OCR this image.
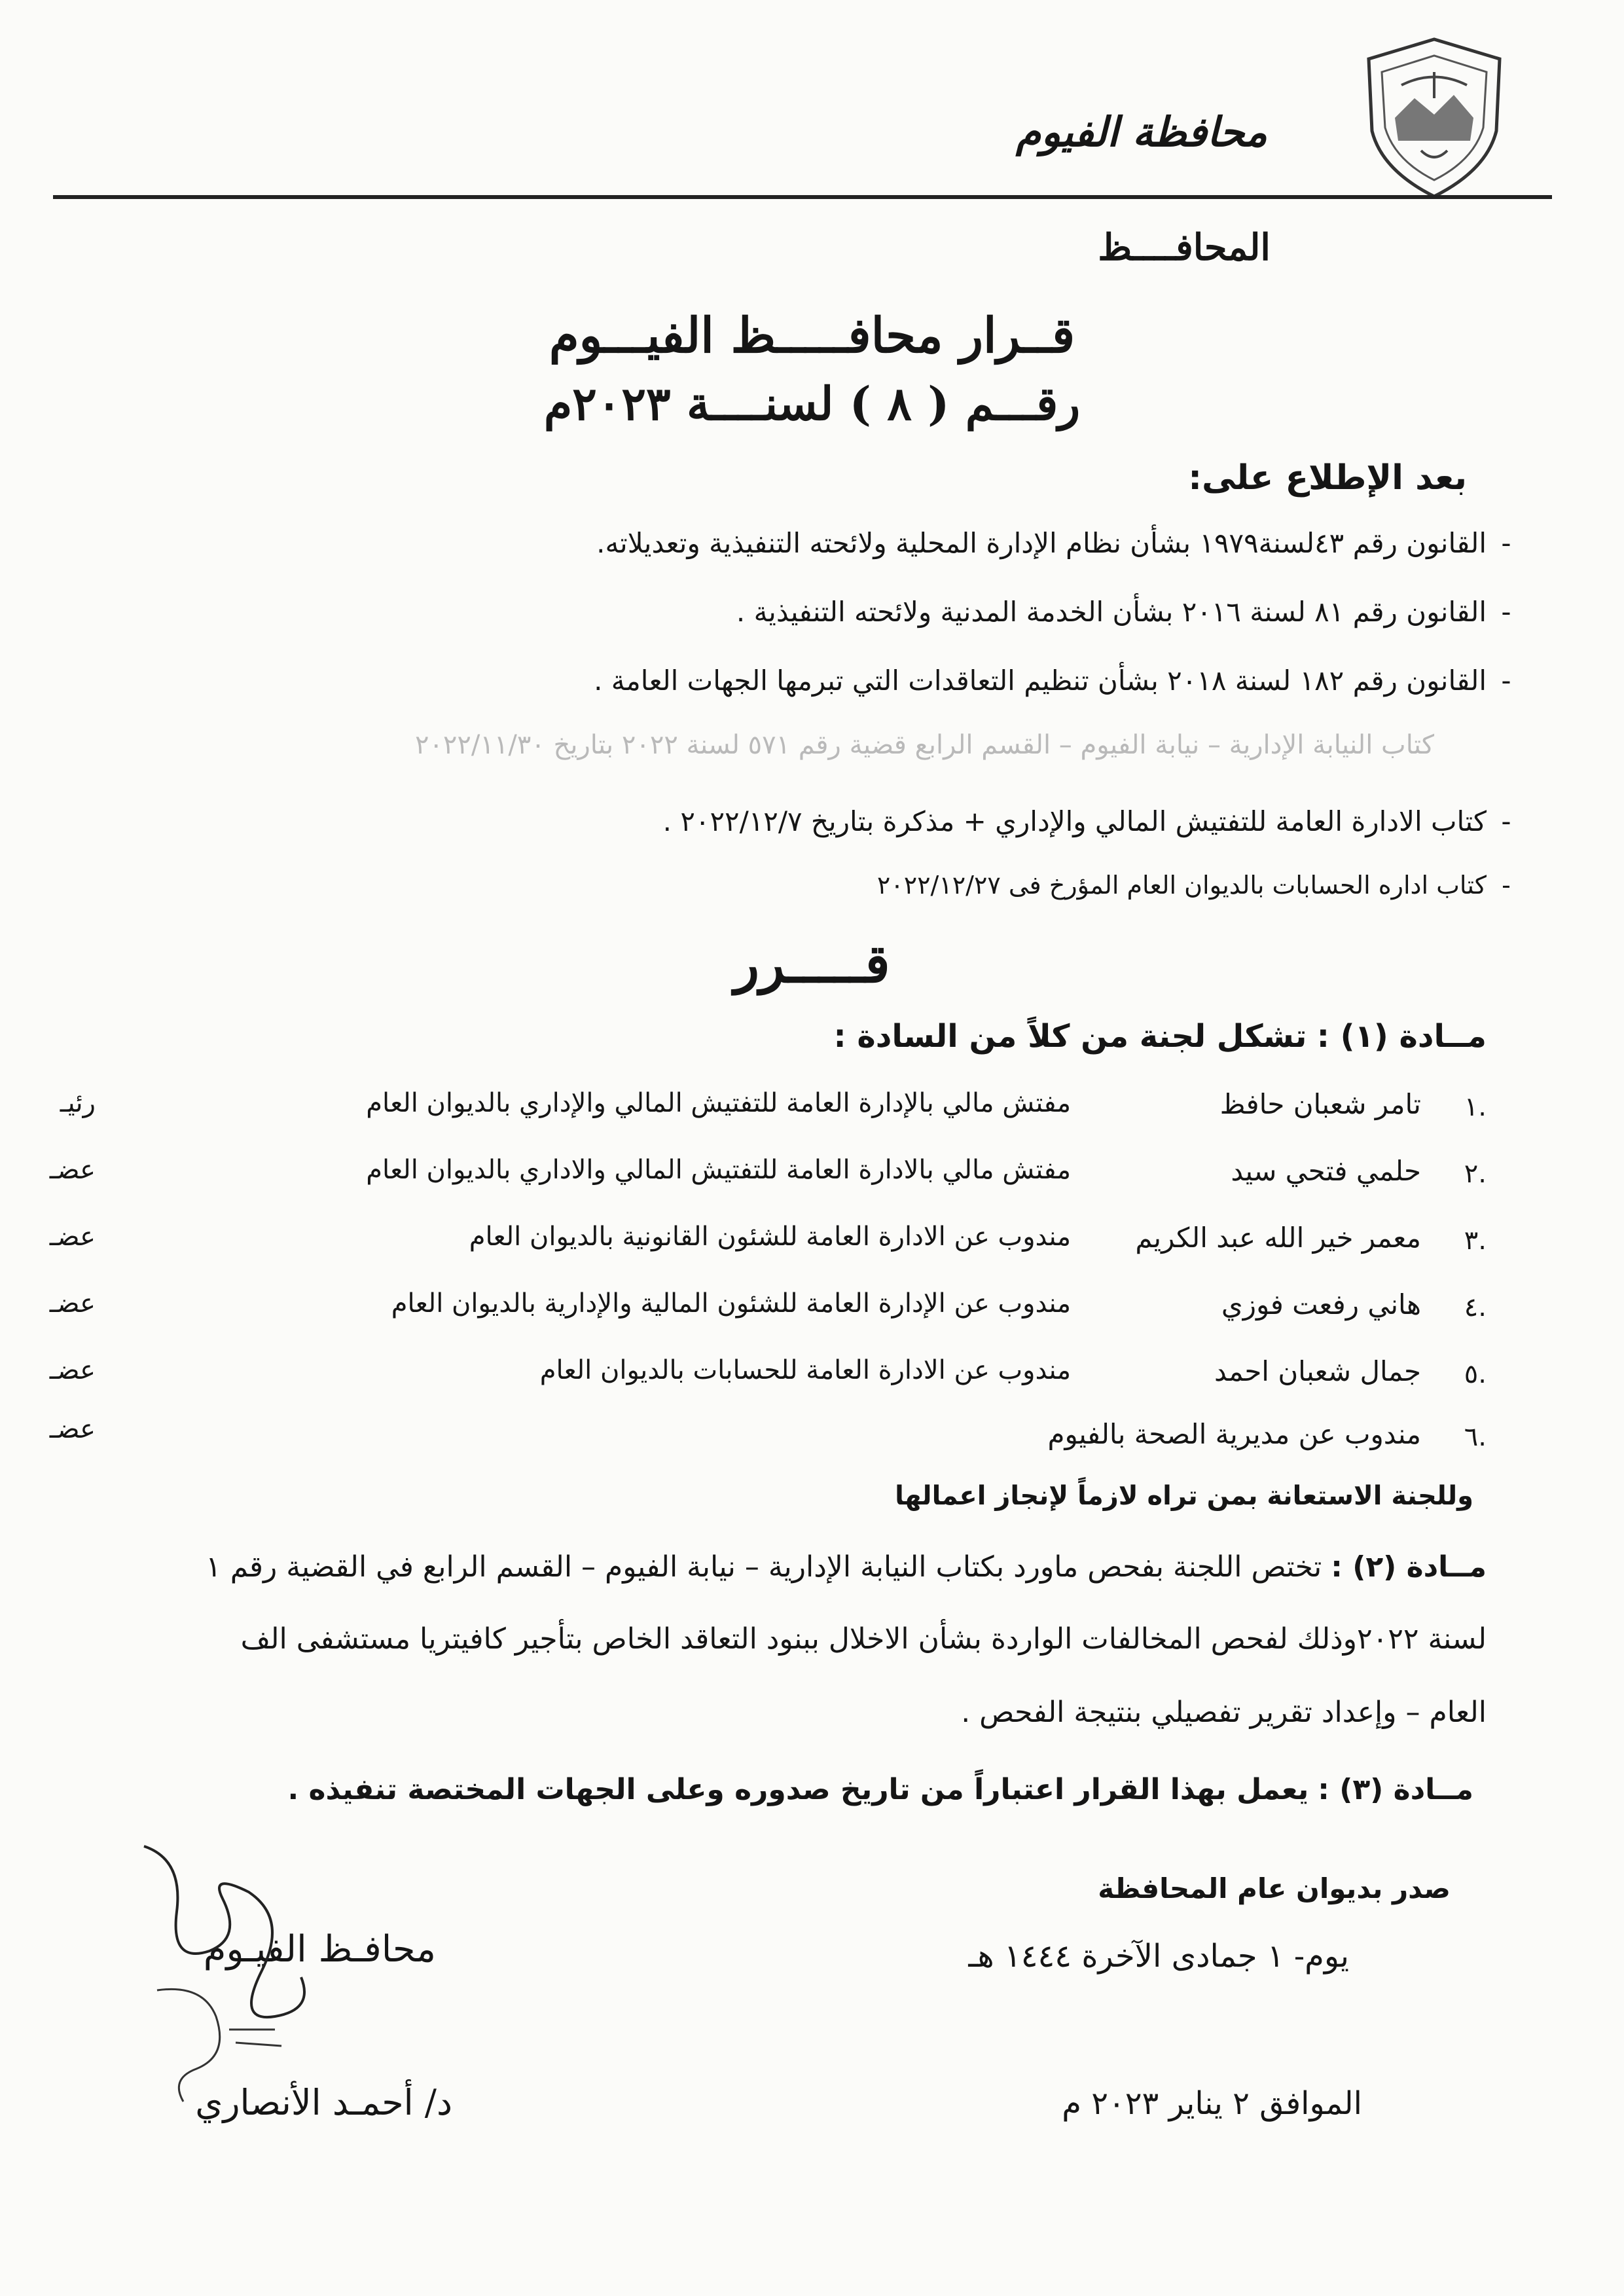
محافظة الفيوم
المحافــــظ
قــرار محافـــــظ الفيـــوم
رقـــم ( ٨ ) لسنــــة ٢٠٢٣م
بعد الإطلاع على:
-القانون رقم ٤٣لسنة١٩٧٩ بشأن نظام الإدارة المحلية ولائحته التنفيذية وتعديلاته.
-القانون رقم ٨١ لسنة ٢٠١٦ بشأن الخدمة المدنية ولائحته التنفيذية .
-القانون رقم ١٨٢ لسنة ٢٠١٨ بشأن تنظيم التعاقدات التي تبرمها الجهات العامة .
كتاب النيابة الإدارية – نيابة الفيوم – القسم الرابع قضية رقم ٥٧١ لسنة ٢٠٢٢ بتاريخ ٢٠٢٢/١١/٣٠
-كتاب الادارة العامة للتفتيش المالي والإداري + مذكرة بتاريخ ٢٠٢٢/١٢/٧ .
-كتاب اداره الحسابات بالديوان العام المؤرخ فى ٢٠٢٢/١٢/٢٧
قـــــرر
مــادة (١) : تشكل لجنة من كلاً من السادة :
.١
تامر شعبان حافظ
مفتش مالي بالإدارة العامة للتفتيش المالي والإداري بالديوان العام
رئيـ
.٢
حلمي فتحي سيد
مفتش مالي بالادارة العامة للتفتيش المالي والاداري بالديوان العام
عضـ
.٣
معمر خير الله عبد الكريم
مندوب عن الادارة العامة للشئون القانونية بالديوان العام
عضـ
.٤
هاني رفعت فوزي
مندوب عن الإدارة العامة للشئون المالية والإدارية بالديوان العام
عضـ
.٥
جمال شعبان احمد
مندوب عن الادارة العامة للحسابات بالديوان العام
عضـ
.٦
مندوب عن مديرية الصحة بالفيوم
عضـ
وللجنة الاستعانة بمن تراه لازماً لإنجاز اعمالها
مــادة (٢) : تختص اللجنة بفحص ماورد بكتاب النيابة الإدارية – نيابة الفيوم – القسم الرابع في القضية رقم ١
لسنة ٢٠٢٢وذلك لفحص المخالفات الواردة بشأن الاخلال ببنود التعاقد الخاص بتأجير كافيتريا مستشفى الف
العام – وإعداد تقرير تفصيلي بنتيجة الفحص .
مــادة (٣) : يعمل بهذا القرار اعتباراً من تاريخ صدوره وعلى الجهات المختصة تنفيذه .
صدر بديوان عام المحافظة
يوم- ١ جمادى الآخرة ١٤٤٤ هـ
الموافق ٢ يناير ٢٠٢٣ م
محافـظ الفيـوم
د/ أحمـد الأنصاري
